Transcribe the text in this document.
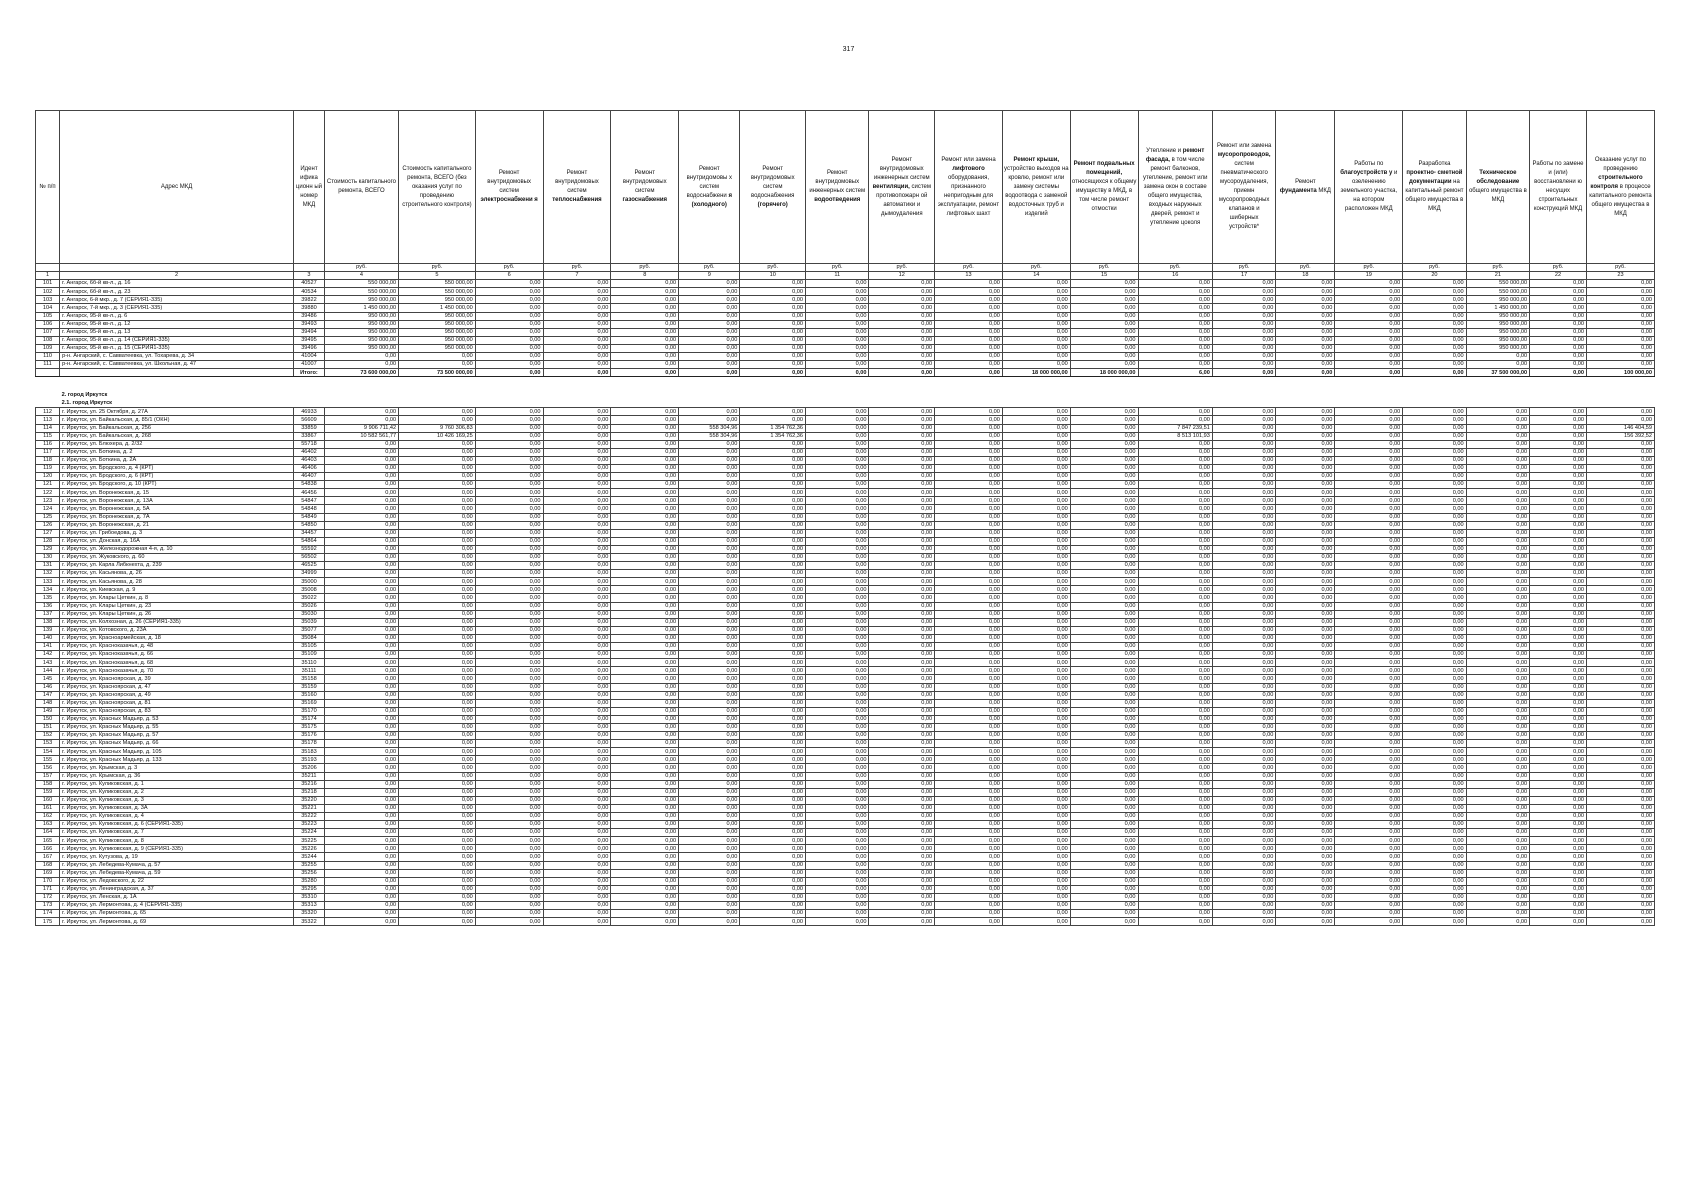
317
№ п/п	Адрес МКД	Идент ифика ционн ый номер МКД	Стоимость капитального ремонта, ВСЕГО	Стоимость капитального ремонта, ВСЕГО (без оказания услуг по проведению строительного контроля)	Ремонт внутридомовых систем электроснабжени я	Ремонт внутридомовых систем теплоснабжения	Ремонт внутридомовых систем газоснабжения	Ремонт внутридомовы х систем водоснабжени я (холодного)	Ремонт внутридомовых систем водоснабжения (горячего)	Ремонт внутридомовых инженерных систем водоотведения	Ремонт внутридомовых инженерных систем вентиляции, систем противопожарн ой автоматики и дымоудаления	Ремонт или замена лифтового оборудования, признанного непригодным для эксплуатации, ремонт лифтовых шахт	Ремонт крыши, устройство выходов на кровлю, ремонт или замену системы водоотвода с заменой водосточных труб и изделий	Ремонт подвальных помещений, относящихся к общему имуществу в МКД, в том числе ремонт отмостки	Утепление и ремонт фасада, в том числе ремонт балконов, утепление, ремонт или замена окон в составе общего имущества, входных наружных дверей, ремонт и утепление цоколя	Ремонт или замена мусоропроводов, систем пневматического мусороудаления, приемн мусоропроводных клапанов и шиберных устройств*	Ремонт фундамента МКД	Работы по благоустройств у и озеленению земельного участка, на котором расположен МКД	Разработка проектно- сметной документации на капитальный ремонт общего имущества в МКД	Техническое обследование общего имущества в МКД	Работы по замене и (или) восстановлени ю несущих строительных конструкций МКД	Оказание услуг по проведению строительного контроля в процессе капитального ремонта общего имущества в МКД
			руб.	руб.	руб.	руб.	руб.	руб.	руб.	руб.	руб.	руб.	руб.	руб.	руб.	руб.	руб.	руб.	руб.	руб.	руб.	руб.
1	2	3	4	5	6	7	8	9	10	11	12	13	14	15	16	17	18	19	20	21	22	23
101	г. Ангарск, 6б-й кв-л., д. 16	40527	550 000,00	550 000,00	0,00	0,00	0,00	0,00	0,00	0,00	0,00	0,00	0,00	0,00	0,00	0,00	0,00	0,00	0,00	550 000,00	0,00	0,00
102	г. Ангарск, 6б-й кв-л., д. 23	40534	550 000,00	550 000,00	0,00	0,00	0,00	0,00	0,00	0,00	0,00	0,00	0,00	0,00	0,00	0,00	0,00	0,00	0,00	550 000,00	0,00	0,00
103	г. Ангарск, 6-й мкр., д. 7 (СЕРИЯ1-335)	39822	950 000,00	950 000,00	0,00	0,00	0,00	0,00	0,00	0,00	0,00	0,00	0,00	0,00	0,00	0,00	0,00	0,00	0,00	950 000,00	0,00	0,00
104	г. Ангарск, 7-й мкр., д. 3 (СЕРИЯ1-335)	39880	1 450 000,00	1 450 000,00	0,00	0,00	0,00	0,00	0,00	0,00	0,00	0,00	0,00	0,00	0,00	0,00	0,00	0,00	0,00	1 450 000,00	0,00	0,00
105	г. Ангарск, 95-й кв-л., д. 6	39486	950 000,00	950 000,00	0,00	0,00	0,00	0,00	0,00	0,00	0,00	0,00	0,00	0,00	0,00	0,00	0,00	0,00	0,00	950 000,00	0,00	0,00
106	г. Ангарск, 95-й кв-л., д. 12	39493	950 000,00	950 000,00	0,00	0,00	0,00	0,00	0,00	0,00	0,00	0,00	0,00	0,00	0,00	0,00	0,00	0,00	0,00	950 000,00	0,00	0,00
107	г. Ангарск, 95-й кв-л., д. 13	39494	950 000,00	950 000,00	0,00	0,00	0,00	0,00	0,00	0,00	0,00	0,00	0,00	0,00	0,00	0,00	0,00	0,00	0,00	950 000,00	0,00	0,00
108	г. Ангарск, 95-й кв-л., д. 14 (СЕРИЯ1-335)	39495	950 000,00	950 000,00	0,00	0,00	0,00	0,00	0,00	0,00	0,00	0,00	0,00	0,00	0,00	0,00	0,00	0,00	0,00	950 000,00	0,00	0,00
109	г. Ангарск, 95-й кв-л., д. 15 (СЕРИЯ1-335)	39496	950 000,00	950 000,00	0,00	0,00	0,00	0,00	0,00	0,00	0,00	0,00	0,00	0,00	0,00	0,00	0,00	0,00	0,00	950 000,00	0,00	0,00
110	р-н. Ангарский, с. Савватеевка, ул. Тохарева, д. 34	41004	0,00	0,00	0,00	0,00	0,00	0,00	0,00	0,00	0,00	0,00	0,00	0,00	0,00	0,00	0,00	0,00	0,00	0,00	0,00	0,00
111	р-н. Ангарский, с. Савватеевка, ул. Школьная, д. 47	41007	0,00	0,00	0,00	0,00	0,00	0,00	0,00	0,00	0,00	0,00	0,00	0,00	0,00	0,00	0,00	0,00	0,00	0,00	0,00	0,00
		Итого:	73 600 000,00	73 500 000,00	0,00	0,00	0,00	0,00	0,00	0,00	0,00	0,00	18 000 000,00	18 000 000,00	6,00	0,00	0,00	0,00	0,00	37 500 000,00	0,00	100 000,00

	2. город Иркутск																					
	2.1. город Иркутск																					
112	г. Иркутск, ул. 25 Октября, д. 27А	46933	0,00	0,00	0,00	0,00	0,00	0,00	0,00	0,00	0,00	0,00	0,00	0,00	0,00	0,00	0,00	0,00	0,00	0,00	0,00	0,00
113	г. Иркутск, ул. Байкальская, д. 85/1 (ОКН)	56609	0,00	0,00	0,00	0,00	0,00	0,00	0,00	0,00	0,00	0,00	0,00	0,00	0,00	0,00	0,00	0,00	0,00	0,00	0,00	0,00
114	г. Иркутск, ул. Байкальская, д. 256	33859	9 906 711,42	9 760 306,83	0,00	0,00	0,00	558 304,96	1 354 762,36	0,00	0,00	0,00	0,00	0,00	7 847 239,51	0,00	0,00	0,00	0,00	0,00	0,00	146 404,59
115	г. Иркутск, ул. Байкальская, д. 268	33867	10 582 561,77	10 426 169,25	0,00	0,00	0,00	558 304,96	1 354 762,36	0,00	0,00	0,00	0,00	0,00	8 513 101,93	0,00	0,00	0,00	0,00	0,00	0,00	156 392,52
116	г. Иркутск, ул. Блюхера, д. 2/32	55718	0,00	0,00	0,00	0,00	0,00	0,00	0,00	0,00	0,00	0,00	0,00	0,00	0,00	0,00	0,00	0,00	0,00	0,00	0,00	0,00
117	г. Иркутск, ул. Боткина, д. 2	46402	0,00	0,00	0,00	0,00	0,00	0,00	0,00	0,00	0,00	0,00	0,00	0,00	0,00	0,00	0,00	0,00	0,00	0,00	0,00	0,00
118	г. Иркутск, ул. Боткина, д. 2А	46403	0,00	0,00	0,00	0,00	0,00	0,00	0,00	0,00	0,00	0,00	0,00	0,00	0,00	0,00	0,00	0,00	0,00	0,00	0,00	0,00
119	г. Иркутск, ул. Бродского, д. 4 (КРТ)	46406	0,00	0,00	0,00	0,00	0,00	0,00	0,00	0,00	0,00	0,00	0,00	0,00	0,00	0,00	0,00	0,00	0,00	0,00	0,00	0,00
120	г. Иркутск, ул. Бродского, д. 6 (КРТ)	46407	0,00	0,00	0,00	0,00	0,00	0,00	0,00	0,00	0,00	0,00	0,00	0,00	0,00	0,00	0,00	0,00	0,00	0,00	0,00	0,00
121	г. Иркутск, ул. Бродского, д. 10 (КРТ)	54838	0,00	0,00	0,00	0,00	0,00	0,00	0,00	0,00	0,00	0,00	0,00	0,00	0,00	0,00	0,00	0,00	0,00	0,00	0,00	0,00
122	г. Иркутск, ул. Воронежская, д. 15	46456	0,00	0,00	0,00	0,00	0,00	0,00	0,00	0,00	0,00	0,00	0,00	0,00	0,00	0,00	0,00	0,00	0,00	0,00	0,00	0,00
123	г. Иркутск, ул. Воронежская, д. 13А	54847	0,00	0,00	0,00	0,00	0,00	0,00	0,00	0,00	0,00	0,00	0,00	0,00	0,00	0,00	0,00	0,00	0,00	0,00	0,00	0,00
124	г. Иркутск, ул. Воронежская, д. 5А	54848	0,00	0,00	0,00	0,00	0,00	0,00	0,00	0,00	0,00	0,00	0,00	0,00	0,00	0,00	0,00	0,00	0,00	0,00	0,00	0,00
125	г. Иркутск, ул. Воронежская, д. 7А	54849	0,00	0,00	0,00	0,00	0,00	0,00	0,00	0,00	0,00	0,00	0,00	0,00	0,00	0,00	0,00	0,00	0,00	0,00	0,00	0,00
126	г. Иркутск, ул. Воронежская, д. 21	54850	0,00	0,00	0,00	0,00	0,00	0,00	0,00	0,00	0,00	0,00	0,00	0,00	0,00	0,00	0,00	0,00	0,00	0,00	0,00	0,00
127	г. Иркутск, ул. Грибоедова, д. 3	34457	0,00	0,00	0,00	0,00	0,00	0,00	0,00	0,00	0,00	0,00	0,00	0,00	0,00	0,00	0,00	0,00	0,00	0,00	0,00	0,00
128	г. Иркутск, ул. Донская, д. 16А	54864	0,00	0,00	0,00	0,00	0,00	0,00	0,00	0,00	0,00	0,00	0,00	0,00	0,00	0,00	0,00	0,00	0,00	0,00	0,00	0,00
129	г. Иркутск, ул. Железнодорожная 4-я, д. 10	55592	0,00	0,00	0,00	0,00	0,00	0,00	0,00	0,00	0,00	0,00	0,00	0,00	0,00	0,00	0,00	0,00	0,00	0,00	0,00	0,00
130	г. Иркутск, ул. Жуковского, д. 60	56502	0,00	0,00	0,00	0,00	0,00	0,00	0,00	0,00	0,00	0,00	0,00	0,00	0,00	0,00	0,00	0,00	0,00	0,00	0,00	0,00
131	г. Иркутск, ул. Карла Либкнехта, д. 239	46525	0,00	0,00	0,00	0,00	0,00	0,00	0,00	0,00	0,00	0,00	0,00	0,00	0,00	0,00	0,00	0,00	0,00	0,00	0,00	0,00
132	г. Иркутск, ул. Касьянова, д. 26	34999	0,00	0,00	0,00	0,00	0,00	0,00	0,00	0,00	0,00	0,00	0,00	0,00	0,00	0,00	0,00	0,00	0,00	0,00	0,00	0,00
133	г. Иркутск, ул. Касьянова, д. 28	35000	0,00	0,00	0,00	0,00	0,00	0,00	0,00	0,00	0,00	0,00	0,00	0,00	0,00	0,00	0,00	0,00	0,00	0,00	0,00	0,00
134	г. Иркутск, ул. Киевская, д. 9	35008	0,00	0,00	0,00	0,00	0,00	0,00	0,00	0,00	0,00	0,00	0,00	0,00	0,00	0,00	0,00	0,00	0,00	0,00	0,00	0,00
135	г. Иркутск, ул. Клары Цеткин, д. 8	35022	0,00	0,00	0,00	0,00	0,00	0,00	0,00	0,00	0,00	0,00	0,00	0,00	0,00	0,00	0,00	0,00	0,00	0,00	0,00	0,00
136	г. Иркутск, ул. Клары Цеткин, д. 23	35026	0,00	0,00	0,00	0,00	0,00	0,00	0,00	0,00	0,00	0,00	0,00	0,00	0,00	0,00	0,00	0,00	0,00	0,00	0,00	0,00
137	г. Иркутск, ул. Клары Цеткин, д. 26	35030	0,00	0,00	0,00	0,00	0,00	0,00	0,00	0,00	0,00	0,00	0,00	0,00	0,00	0,00	0,00	0,00	0,00	0,00	0,00	0,00
138	г. Иркутск, ул. Колхозная, д. 26 (СЕРИЯ1-335)	35039	0,00	0,00	0,00	0,00	0,00	0,00	0,00	0,00	0,00	0,00	0,00	0,00	0,00	0,00	0,00	0,00	0,00	0,00	0,00	0,00
139	г. Иркутск, ул. Котовского, д. 23А	35077	0,00	0,00	0,00	0,00	0,00	0,00	0,00	0,00	0,00	0,00	0,00	0,00	0,00	0,00	0,00	0,00	0,00	0,00	0,00	0,00
140	г. Иркутск, ул. Красноармейская, д. 18	35084	0,00	0,00	0,00	0,00	0,00	0,00	0,00	0,00	0,00	0,00	0,00	0,00	0,00	0,00	0,00	0,00	0,00	0,00	0,00	0,00
141	г. Иркутск, ул. Красноказачья, д. 48	35105	0,00	0,00	0,00	0,00	0,00	0,00	0,00	0,00	0,00	0,00	0,00	0,00	0,00	0,00	0,00	0,00	0,00	0,00	0,00	0,00
142	г. Иркутск, ул. Красноказачья, д. 66	35109	0,00	0,00	0,00	0,00	0,00	0,00	0,00	0,00	0,00	0,00	0,00	0,00	0,00	0,00	0,00	0,00	0,00	0,00	0,00	0,00
143	г. Иркутск, ул. Красноказачья, д. 68	35110	0,00	0,00	0,00	0,00	0,00	0,00	0,00	0,00	0,00	0,00	0,00	0,00	0,00	0,00	0,00	0,00	0,00	0,00	0,00	0,00
144	г. Иркутск, ул. Красноказачья, д. 70	35111	0,00	0,00	0,00	0,00	0,00	0,00	0,00	0,00	0,00	0,00	0,00	0,00	0,00	0,00	0,00	0,00	0,00	0,00	0,00	0,00
145	г. Иркутск, ул. Красноярская, д. 39	35158	0,00	0,00	0,00	0,00	0,00	0,00	0,00	0,00	0,00	0,00	0,00	0,00	0,00	0,00	0,00	0,00	0,00	0,00	0,00	0,00
146	г. Иркутск, ул. Красноярская, д. 47	35159	0,00	0,00	0,00	0,00	0,00	0,00	0,00	0,00	0,00	0,00	0,00	0,00	0,00	0,00	0,00	0,00	0,00	0,00	0,00	0,00
147	г. Иркутск, ул. Красноярская, д. 49	35160	0,00	0,00	0,00	0,00	0,00	0,00	0,00	0,00	0,00	0,00	0,00	0,00	0,00	0,00	0,00	0,00	0,00	0,00	0,00	0,00
148	г. Иркутск, ул. Красноярская, д. 81	35169	0,00	0,00	0,00	0,00	0,00	0,00	0,00	0,00	0,00	0,00	0,00	0,00	0,00	0,00	0,00	0,00	0,00	0,00	0,00	0,00
149	г. Иркутск, ул. Красноярская, д. 83	35170	0,00	0,00	0,00	0,00	0,00	0,00	0,00	0,00	0,00	0,00	0,00	0,00	0,00	0,00	0,00	0,00	0,00	0,00	0,00	0,00
150	г. Иркутск, ул. Красных Мадьяр, д. 53	35174	0,00	0,00	0,00	0,00	0,00	0,00	0,00	0,00	0,00	0,00	0,00	0,00	0,00	0,00	0,00	0,00	0,00	0,00	0,00	0,00
151	г. Иркутск, ул. Красных Мадьяр, д. 55	35175	0,00	0,00	0,00	0,00	0,00	0,00	0,00	0,00	0,00	0,00	0,00	0,00	0,00	0,00	0,00	0,00	0,00	0,00	0,00	0,00
152	г. Иркутск, ул. Красных Мадьяр, д. 57	35176	0,00	0,00	0,00	0,00	0,00	0,00	0,00	0,00	0,00	0,00	0,00	0,00	0,00	0,00	0,00	0,00	0,00	0,00	0,00	0,00
153	г. Иркутск, ул. Красных Мадьяр, д. 66	35178	0,00	0,00	0,00	0,00	0,00	0,00	0,00	0,00	0,00	0,00	0,00	0,00	0,00	0,00	0,00	0,00	0,00	0,00	0,00	0,00
154	г. Иркутск, ул. Красных Мадьяр, д. 105	35183	0,00	0,00	0,00	0,00	0,00	0,00	0,00	0,00	0,00	0,00	0,00	0,00	0,00	0,00	0,00	0,00	0,00	0,00	0,00	0,00
155	г. Иркутск, ул. Красных Мадьяр, д. 133	35193	0,00	0,00	0,00	0,00	0,00	0,00	0,00	0,00	0,00	0,00	0,00	0,00	0,00	0,00	0,00	0,00	0,00	0,00	0,00	0,00
156	г. Иркутск, ул. Крымская, д. 3	35206	0,00	0,00	0,00	0,00	0,00	0,00	0,00	0,00	0,00	0,00	0,00	0,00	0,00	0,00	0,00	0,00	0,00	0,00	0,00	0,00
157	г. Иркутск, ул. Крымская, д. 36	35211	0,00	0,00	0,00	0,00	0,00	0,00	0,00	0,00	0,00	0,00	0,00	0,00	0,00	0,00	0,00	0,00	0,00	0,00	0,00	0,00
158	г. Иркутск, ул. Куликовская, д. 1	35216	0,00	0,00	0,00	0,00	0,00	0,00	0,00	0,00	0,00	0,00	0,00	0,00	0,00	0,00	0,00	0,00	0,00	0,00	0,00	0,00
159	г. Иркутск, ул. Куликовская, д. 2	35218	0,00	0,00	0,00	0,00	0,00	0,00	0,00	0,00	0,00	0,00	0,00	0,00	0,00	0,00	0,00	0,00	0,00	0,00	0,00	0,00
160	г. Иркутск, ул. Куликовская, д. 3	35220	0,00	0,00	0,00	0,00	0,00	0,00	0,00	0,00	0,00	0,00	0,00	0,00	0,00	0,00	0,00	0,00	0,00	0,00	0,00	0,00
161	г. Иркутск, ул. Куликовская, д. 3А	35221	0,00	0,00	0,00	0,00	0,00	0,00	0,00	0,00	0,00	0,00	0,00	0,00	0,00	0,00	0,00	0,00	0,00	0,00	0,00	0,00
162	г. Иркутск, ул. Куликовская, д. 4	35222	0,00	0,00	0,00	0,00	0,00	0,00	0,00	0,00	0,00	0,00	0,00	0,00	0,00	0,00	0,00	0,00	0,00	0,00	0,00	0,00
163	г. Иркутск, ул. Куликовская, д. 6 (СЕРИЯ1-335)	35223	0,00	0,00	0,00	0,00	0,00	0,00	0,00	0,00	0,00	0,00	0,00	0,00	0,00	0,00	0,00	0,00	0,00	0,00	0,00	0,00
164	г. Иркутск, ул. Куликовская, д. 7	35224	0,00	0,00	0,00	0,00	0,00	0,00	0,00	0,00	0,00	0,00	0,00	0,00	0,00	0,00	0,00	0,00	0,00	0,00	0,00	0,00
165	г. Иркутск, ул. Куликовская, д. 8	35225	0,00	0,00	0,00	0,00	0,00	0,00	0,00	0,00	0,00	0,00	0,00	0,00	0,00	0,00	0,00	0,00	0,00	0,00	0,00	0,00
166	г. Иркутск, ул. Куликовская, д. 9 (СЕРИЯ1-335)	35226	0,00	0,00	0,00	0,00	0,00	0,00	0,00	0,00	0,00	0,00	0,00	0,00	0,00	0,00	0,00	0,00	0,00	0,00	0,00	0,00
167	г. Иркутск, ул. Кутузова, д. 19	35244	0,00	0,00	0,00	0,00	0,00	0,00	0,00	0,00	0,00	0,00	0,00	0,00	0,00	0,00	0,00	0,00	0,00	0,00	0,00	0,00
168	г. Иркутск, ул. Лебедева-Кумача, д. 57	35255	0,00	0,00	0,00	0,00	0,00	0,00	0,00	0,00	0,00	0,00	0,00	0,00	0,00	0,00	0,00	0,00	0,00	0,00	0,00	0,00
169	г. Иркутск, ул. Лебедева-Кумача, д. 59	35256	0,00	0,00	0,00	0,00	0,00	0,00	0,00	0,00	0,00	0,00	0,00	0,00	0,00	0,00	0,00	0,00	0,00	0,00	0,00	0,00
170	г. Иркутск, ул. Ледовского, д. 22	35280	0,00	0,00	0,00	0,00	0,00	0,00	0,00	0,00	0,00	0,00	0,00	0,00	0,00	0,00	0,00	0,00	0,00	0,00	0,00	0,00
171	г. Иркутск, ул. Ленинградская, д. 37	35295	0,00	0,00	0,00	0,00	0,00	0,00	0,00	0,00	0,00	0,00	0,00	0,00	0,00	0,00	0,00	0,00	0,00	0,00	0,00	0,00
172	г. Иркутск, ул. Ленская, д. 1А	35310	0,00	0,00	0,00	0,00	0,00	0,00	0,00	0,00	0,00	0,00	0,00	0,00	0,00	0,00	0,00	0,00	0,00	0,00	0,00	0,00
173	г. Иркутск, ул. Лермонтова, д. 4 (СЕРИЯ1-335)	35313	0,00	0,00	0,00	0,00	0,00	0,00	0,00	0,00	0,00	0,00	0,00	0,00	0,00	0,00	0,00	0,00	0,00	0,00	0,00	0,00
174	г. Иркутск, ул. Лермонтова, д. 65	35320	0,00	0,00	0,00	0,00	0,00	0,00	0,00	0,00	0,00	0,00	0,00	0,00	0,00	0,00	0,00	0,00	0,00	0,00	0,00	0,00
175	г. Иркутск, ул. Лермонтова, д. 69	35322	0,00	0,00	0,00	0,00	0,00	0,00	0,00	0,00	0,00	0,00	0,00	0,00	0,00	0,00	0,00	0,00	0,00	0,00	0,00	0,00
